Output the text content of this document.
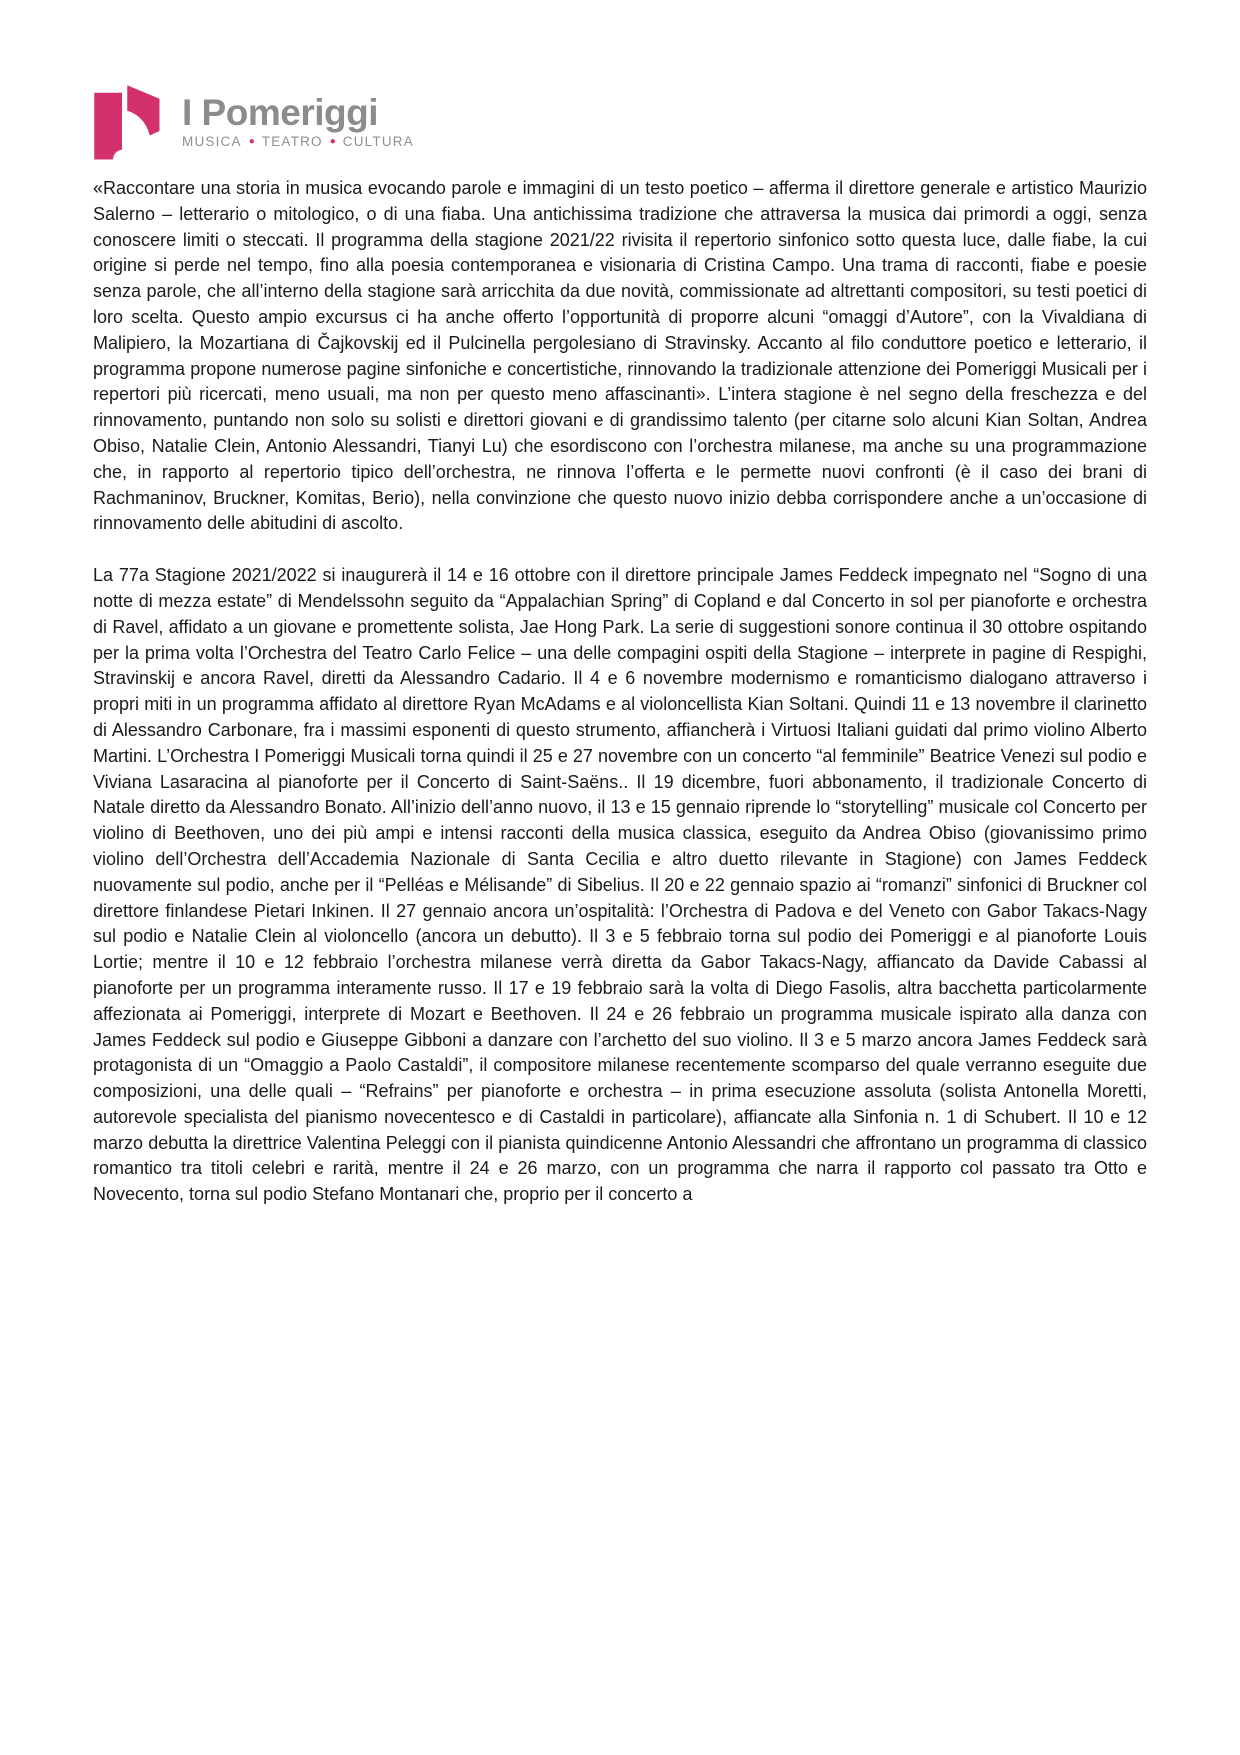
I Pomeriggi
MUSICA ● TEATRO ● CULTURA

«Raccontare una storia in musica evocando parole e immagini di un testo poetico – afferma il direttore generale e artistico Maurizio Salerno – letterario o mitologico, o di una fiaba. Una antichissima tradizione che attraversa la musica dai primordi a oggi, senza conoscere limiti o steccati. Il programma della stagione 2021/22 rivisita il repertorio sinfonico sotto questa luce, dalle fiabe, la cui origine si perde nel tempo, fino alla poesia contemporanea e visionaria di Cristina Campo. Una trama di racconti, fiabe e poesie senza parole, che all’interno della stagione sarà arricchita da due novità, commissionate ad altrettanti compositori, su testi poetici di loro scelta. Questo ampio excursus ci ha anche offerto l’opportunità di proporre alcuni “omaggi d’Autore”, con la Vivaldiana di Malipiero, la Mozartiana di Čajkovskij ed il Pulcinella pergolesiano di Stravinsky. Accanto al filo conduttore poetico e letterario, il programma propone numerose pagine sinfoniche e concertistiche, rinnovando la tradizionale attenzione dei Pomeriggi Musicali per i repertori più ricercati, meno usuali, ma non per questo meno affascinanti». L’intera stagione è nel segno della freschezza e del rinnovamento, puntando non solo su solisti e direttori giovani e di grandissimo talento (per citarne solo alcuni Kian Soltan, Andrea Obiso, Natalie Clein, Antonio Alessandri, Tianyi Lu) che esordiscono con l’orchestra milanese, ma anche su una programmazione che, in rapporto al repertorio tipico dell’orchestra, ne rinnova l’offerta e le permette nuovi confronti (è il caso dei brani di Rachmaninov, Bruckner, Komitas, Berio), nella convinzione che questo nuovo inizio debba corrispondere anche a un’occasione di rinnovamento delle abitudini di ascolto.

La 77a Stagione 2021/2022 si inaugurerà il 14 e 16 ottobre con il direttore principale James Feddeck impegnato nel “Sogno di una notte di mezza estate” di Mendelssohn seguito da “Appalachian Spring” di Copland e dal Concerto in sol per pianoforte e orchestra di Ravel, affidato a un giovane e promettente solista, Jae Hong Park. La serie di suggestioni sonore continua il 30 ottobre ospitando per la prima volta l’Orchestra del Teatro Carlo Felice – una delle compagini ospiti della Stagione – interprete in pagine di Respighi, Stravinskij e ancora Ravel, diretti da Alessandro Cadario. Il 4 e 6 novembre modernismo e romanticismo dialogano attraverso i propri miti in un programma affidato al direttore Ryan McAdams e al violoncellista Kian Soltani. Quindi 11 e 13 novembre il clarinetto di Alessandro Carbonare, fra i massimi esponenti di questo strumento, affiancherà i Virtuosi Italiani guidati dal primo violino Alberto Martini. L’Orchestra I Pomeriggi Musicali torna quindi il 25 e 27 novembre con un concerto “al femminile” Beatrice Venezi sul podio e Viviana Lasaracina al pianoforte per il Concerto di Saint-Saëns.. Il 19 dicembre, fuori abbonamento, il tradizionale Concerto di Natale diretto da Alessandro Bonato. All’inizio dell’anno nuovo, il 13 e 15 gennaio riprende lo “storytelling” musicale col Concerto per violino di Beethoven, uno dei più ampi e intensi racconti della musica classica, eseguito da Andrea Obiso (giovanissimo primo violino dell’Orchestra dell’Accademia Nazionale di Santa Cecilia e altro duetto rilevante in Stagione) con James Feddeck nuovamente sul podio, anche per il “Pelléas e Mélisande” di Sibelius. Il 20 e 22 gennaio spazio ai “romanzi” sinfonici di Bruckner col direttore finlandese Pietari Inkinen. Il 27 gennaio ancora un’ospitalità: l’Orchestra di Padova e del Veneto con Gabor Takacs-Nagy sul podio e Natalie Clein al violoncello (ancora un debutto). Il 3 e 5 febbraio torna sul podio dei Pomeriggi e al pianoforte Louis Lortie; mentre il 10 e 12 febbraio l’orchestra milanese verrà diretta da Gabor Takacs-Nagy, affiancato da Davide Cabassi al pianoforte per un programma interamente russo. Il 17 e 19 febbraio sarà la volta di Diego Fasolis, altra bacchetta particolarmente affezionata ai Pomeriggi, interprete di Mozart e Beethoven. Il 24 e 26 febbraio un programma musicale ispirato alla danza con James Feddeck sul podio e Giuseppe Gibboni a danzare con l’archetto del suo violino. Il 3 e 5 marzo ancora James Feddeck sarà protagonista di un “Omaggio a Paolo Castaldi”, il compositore milanese recentemente scomparso del quale verranno eseguite due composizioni, una delle quali – “Refrains” per pianoforte e orchestra – in prima esecuzione assoluta (solista Antonella Moretti, autorevole specialista del pianismo novecentesco e di Castaldi in particolare), affiancate alla Sinfonia n. 1 di Schubert. Il 10 e 12 marzo debutta la direttrice Valentina Peleggi con il pianista quindicenne Antonio Alessandri che affrontano un programma di classico romantico tra titoli celebri e rarità, mentre il 24 e 26 marzo, con un programma che narra il rapporto col passato tra Otto e Novecento, torna sul podio Stefano Montanari che, proprio per il concerto a
